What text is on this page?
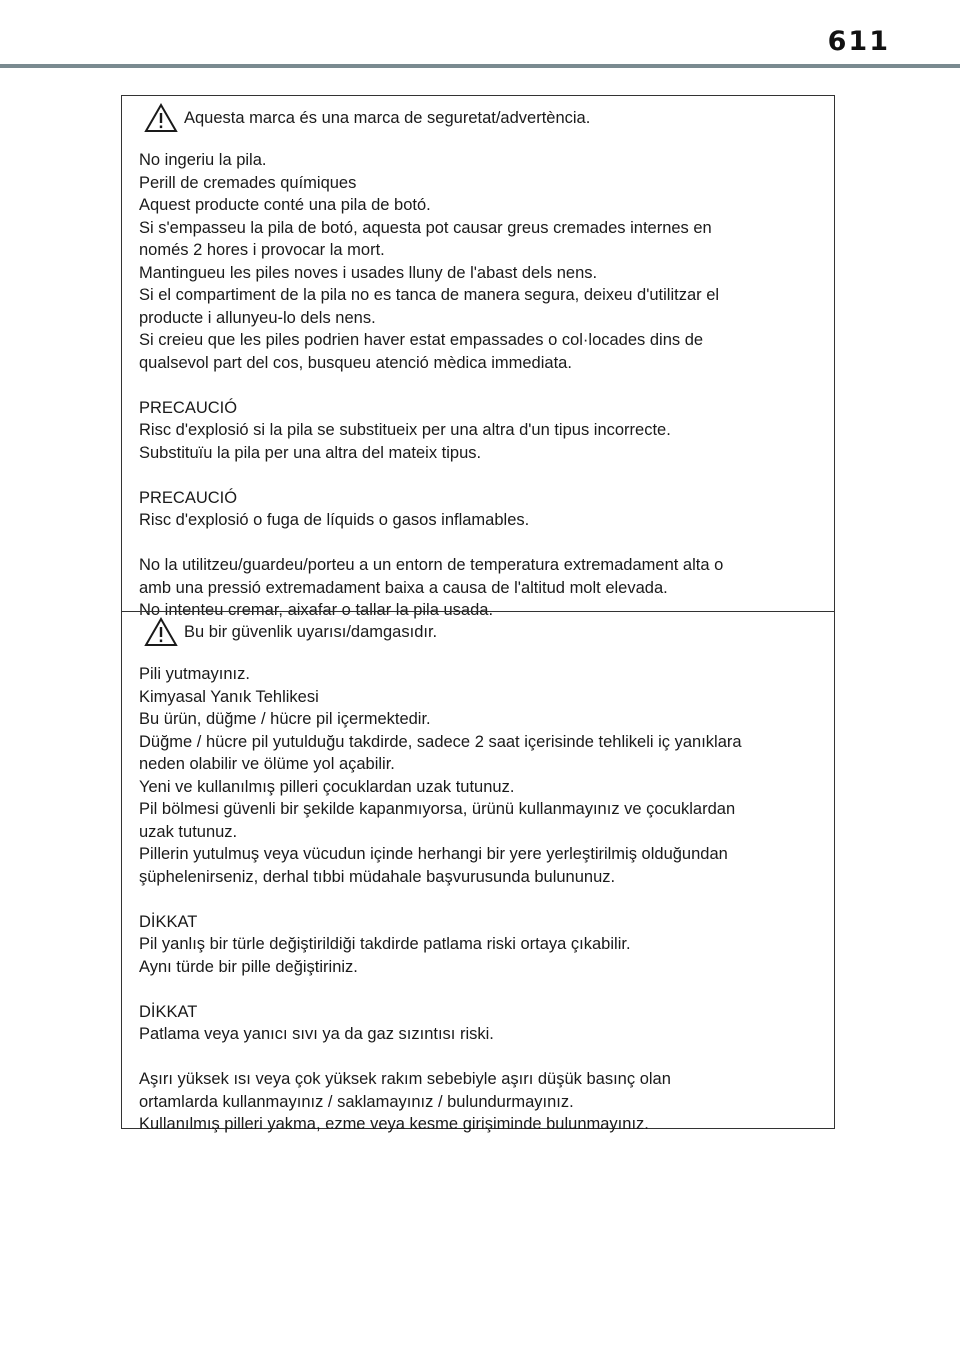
611
Aquesta marca és una marca de seguretat/advertència.
No ingeriu la pila.
Perill de cremades químiques
Aquest producte conté una pila de botó.
Si s'empasseu la pila de botó, aquesta pot causar greus cremades internes en
només 2 hores i provocar la mort.
Mantingueu les piles noves i usades lluny de l'abast dels nens.
Si el compartiment de la pila no es tanca de manera segura, deixeu d'utilitzar el
producte i allunyeu-lo dels nens.
Si creieu que les piles podrien haver estat empassades o col·locades dins de
qualsevol part del cos, busqueu atenció mèdica immediata.
PRECAUCIÓ
Risc d'explosió si la pila se substitueix per una altra d'un tipus incorrecte.
Substituïu la pila per una altra del mateix tipus.
PRECAUCIÓ
Risc d'explosió o fuga de líquids o gasos inflamables.
No la utilitzeu/guardeu/porteu a un entorn de temperatura extremadament alta o
amb una pressió extremadament baixa a causa de l'altitud molt elevada.
No intenteu cremar, aixafar o tallar la pila usada.
Bu bir güvenlik uyarısı/damgasıdır.
Pili yutmayınız.
Kimyasal Yanık Tehlikesi
Bu ürün, düğme / hücre pil içermektedir.
Düğme / hücre pil yutulduğu takdirde, sadece 2 saat içerisinde tehlikeli iç yanıklara
neden olabilir ve ölüme yol açabilir.
Yeni ve kullanılmış pilleri çocuklardan uzak tutunuz.
Pil bölmesi güvenli bir şekilde kapanmıyorsa, ürünü kullanmayınız ve çocuklardan
uzak tutunuz.
Pillerin yutulmuş veya vücudun içinde herhangi bir yere yerleştirilmiş olduğundan
şüphelenirseniz, derhal tıbbi müdahale başvurusunda bulununuz.
DİKKAT
Pil yanlış bir türle değiştirildiği takdirde patlama riski ortaya çıkabilir.
Aynı türde bir pille değiştiriniz.
DİKKAT
Patlama veya yanıcı sıvı ya da gaz sızıntısı riski.
Aşırı yüksek ısı veya çok yüksek rakım sebebiyle aşırı düşük basınç olan
ortamlarda kullanmayınız / saklamayınız / bulundurmayınız.
Kullanılmış pilleri yakma, ezme veya kesme girişiminde bulunmayınız.
